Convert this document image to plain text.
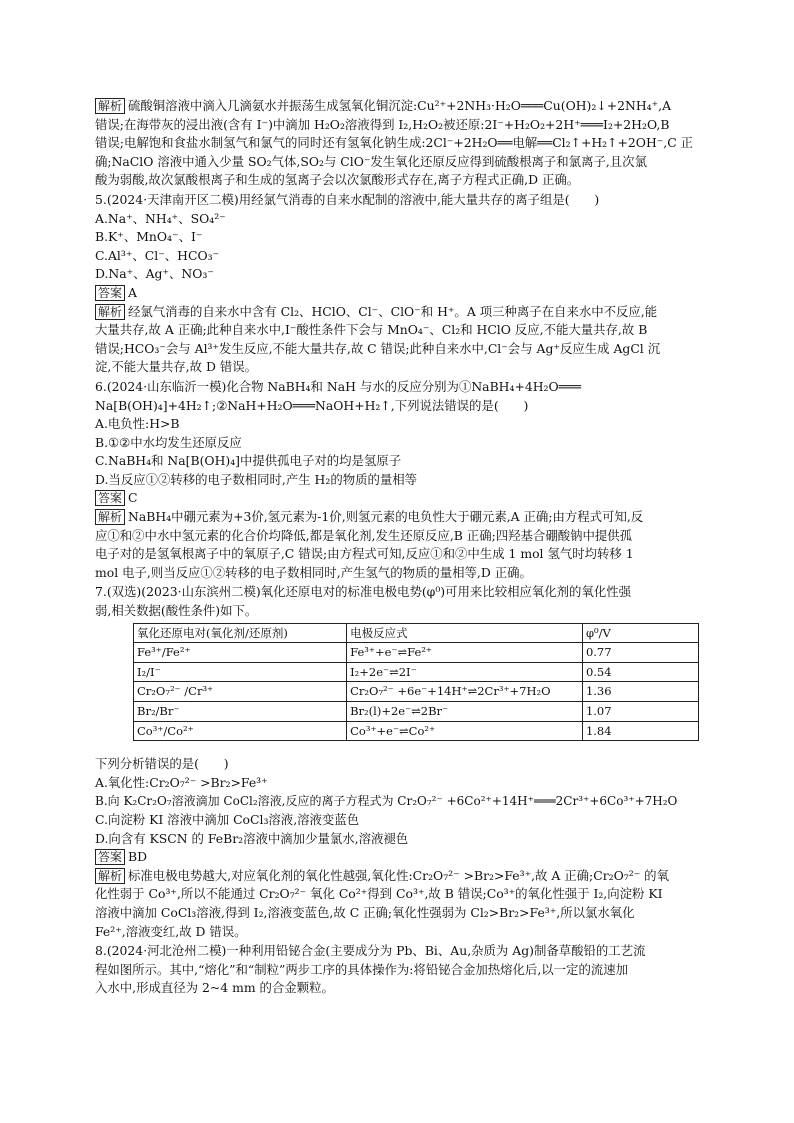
解析 硫酸铜溶液中滴入几滴氨水并振荡生成氢氧化铜沉淀:Cu²⁺+2NH₃·H₂O═══Cu(OH)₂↓+2NH₄⁺,A

错误;在海带灰的浸出液(含有 I⁻)中滴加 H₂O₂溶液得到 I₂,H₂O₂被还原:2I⁻+H₂O₂+2H⁺═══I₂+2H₂O,B

错误;电解饱和食盐水制氢气和氯气的同时还有氢氧化钠生成:2Cl⁻+2H₂O══电解══Cl₂↑+H₂↑+2OH⁻,C 正

确;NaClO 溶液中通入少量 SO₂气体,SO₂与 ClO⁻发生氧化还原反应得到硫酸根离子和氯离子,且次氯

酸为弱酸,故次氯酸根离子和生成的氢离子会以次氯酸形式存在,离子方程式正确,D 正确。

5.(2024·天津南开区二模)用经氯气消毒的自来水配制的溶液中,能大量共存的离子组是(　　)

A.Na⁺、NH₄⁺、SO₄²⁻

B.K⁺、MnO₄⁻、I⁻

C.Al³⁺、Cl⁻、HCO₃⁻

D.Na⁺、Ag⁺、NO₃⁻

答案 A

解析 经氯气消毒的自来水中含有 Cl₂、HClO、Cl⁻、ClO⁻和 H⁺。A 项三种离子在自来水中不反应,能

大量共存,故 A 正确;此种自来水中,I⁻酸性条件下会与 MnO₄⁻、Cl₂和 HClO 反应,不能大量共存,故 B

错误;HCO₃⁻会与 Al³⁺发生反应,不能大量共存,故 C 错误;此种自来水中,Cl⁻会与 Ag⁺反应生成 AgCl 沉

淀,不能大量共存,故 D 错误。

6.(2024·山东临沂一模)化合物 NaBH₄和 NaH 与水的反应分别为①NaBH₄+4H₂O═══

Na[B(OH)₄]+4H₂↑;②NaH+H₂O═══NaOH+H₂↑,下列说法错误的是(　　)

A.电负性:H>B

B.①②中水均发生还原反应

C.NaBH₄和 Na[B(OH)₄]中提供孤电子对的均是氢原子

D.当反应①②转移的电子数相同时,产生 H₂的物质的量相等

答案 C

解析 NaBH₄中硼元素为+3价,氢元素为-1价,则氢元素的电负性大于硼元素,A 正确;由方程式可知,反

应①和②中水中氢元素的化合价均降低,都是氧化剂,发生还原反应,B 正确;四羟基合硼酸钠中提供孤

电子对的是氢氧根离子中的氧原子,C 错误;由方程式可知,反应①和②中生成 1 mol 氢气时均转移 1

mol 电子,则当反应①②转移的电子数相同时,产生氢气的物质的量相等,D 正确。

7.(双选)(2023·山东滨州二模)氧化还原电对的标准电极电势(φ⁰)可用来比较相应氧化剂的氧化性强

弱,相关数据(酸性条件)如下。

氧化还原电对(氧化剂/还原剂)	电极反应式	φ⁰/V
Fe³⁺/Fe²⁺	Fe³⁺+e⁻⇌Fe²⁺	0.77
I₂/I⁻	I₂+2e⁻⇌2I⁻	0.54
Cr₂O₇²⁻ /Cr³⁺	Cr₂O₇²⁻ +6e⁻+14H⁺⇌2Cr³⁺+7H₂O	1.36
Br₂/Br⁻	Br₂(l)+2e⁻⇌2Br⁻	1.07
Co³⁺/Co²⁺	Co³⁺+e⁻⇌Co²⁺	1.84

下列分析错误的是(　　)

A.氧化性:Cr₂O₇²⁻ >Br₂>Fe³⁺

B.向 K₂Cr₂O₇溶液滴加 CoCl₂溶液,反应的离子方程式为 Cr₂O₇²⁻ +6Co²⁺+14H⁺═══2Cr³⁺+6Co³⁺+7H₂O

C.向淀粉 KI 溶液中滴加 CoCl₃溶液,溶液变蓝色

D.向含有 KSCN 的 FeBr₂溶液中滴加少量氯水,溶液褪色

答案 BD

解析 标准电极电势越大,对应氧化剂的氧化性越强,氧化性:Cr₂O₇²⁻ >Br₂>Fe³⁺,故 A 正确;Cr₂O₇²⁻ 的氧

化性弱于 Co³⁺,所以不能通过 Cr₂O₇²⁻ 氧化 Co²⁺得到 Co³⁺,故 B 错误;Co³⁺的氧化性强于 I₂,向淀粉 KI

溶液中滴加 CoCl₃溶液,得到 I₂,溶液变蓝色,故 C 正确;氧化性强弱为 Cl₂>Br₂>Fe³⁺,所以氯水氧化

Fe²⁺,溶液变红,故 D 错误。

8.(2024·河北沧州二模)一种利用铅铋合金(主要成分为 Pb、Bi、Au,杂质为 Ag)制备草酸铅的工艺流

程如图所示。其中,“熔化”和“制粒”两步工序的具体操作为:将铅铋合金加热熔化后,以一定的流速加

入水中,形成直径为 2~4 mm 的合金颗粒。
